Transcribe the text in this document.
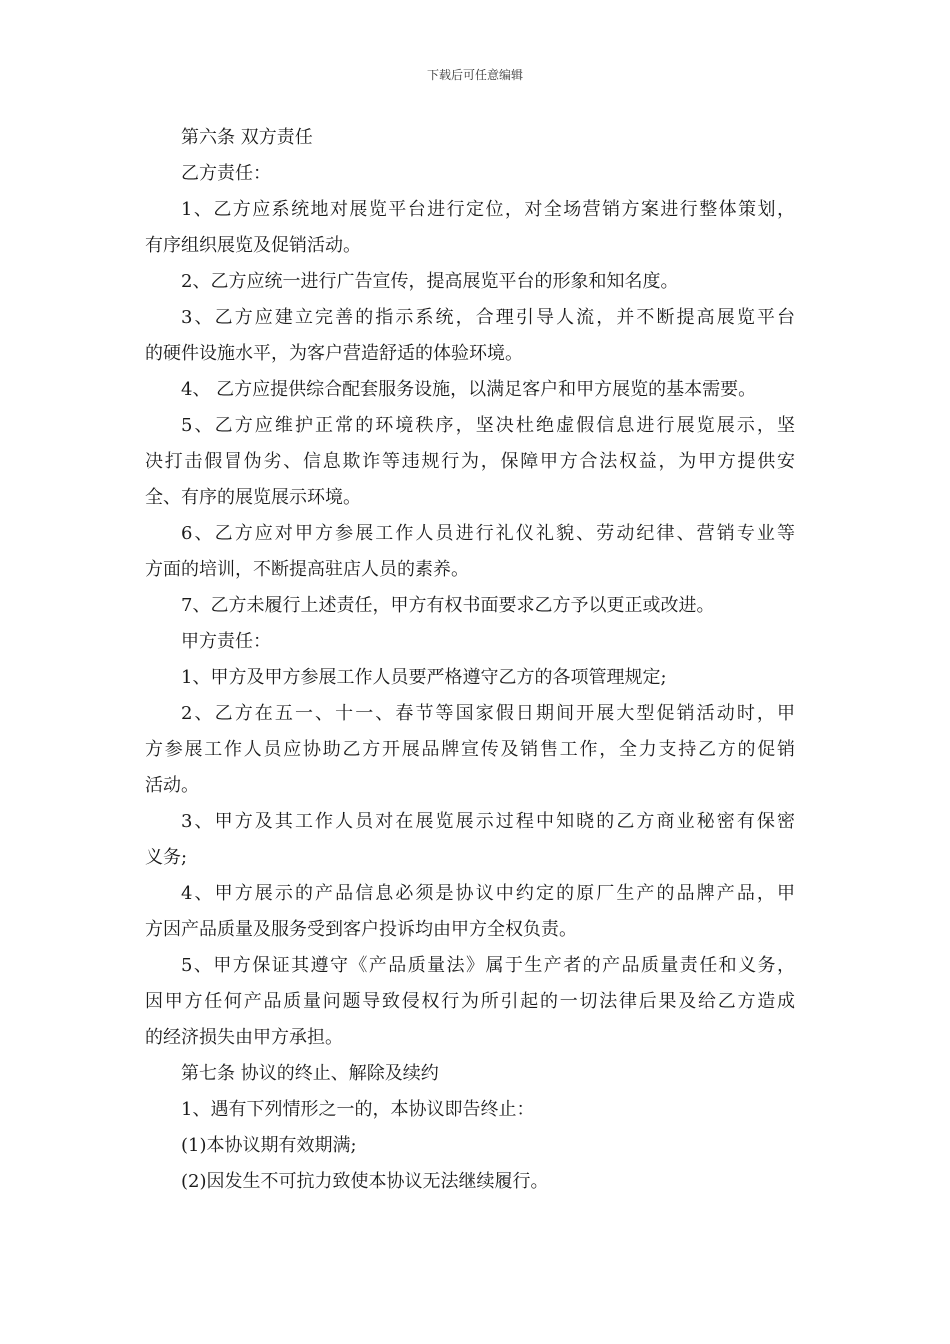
下载后可任意编辑
第六条 双方责任
乙方责任：
1、乙方应系统地对展览平台进行定位，对全场营销方案进行整体策划，
有序组织展览及促销活动。
2、乙方应统一进行广告宣传，提高展览平台的形象和知名度。
3、乙方应建立完善的指示系统，合理引导人流，并不断提高展览平台
的硬件设施水平，为客户营造舒适的体验环境。
4、 乙方应提供综合配套服务设施，以满足客户和甲方展览的基本需要。
5、乙方应维护正常的环境秩序，坚决杜绝虚假信息进行展览展示，坚
决打击假冒伪劣、信息欺诈等违规行为，保障甲方合法权益，为甲方提供安
全、有序的展览展示环境。
6、乙方应对甲方参展工作人员进行礼仪礼貌、劳动纪律、营销专业等
方面的培训，不断提高驻店人员的素养。
7、乙方未履行上述责任，甲方有权书面要求乙方予以更正或改进。
甲方责任：
1、甲方及甲方参展工作人员要严格遵守乙方的各项管理规定;
2、乙方在五一、十一、春节等国家假日期间开展大型促销活动时，甲
方参展工作人员应协助乙方开展品牌宣传及销售工作，全力支持乙方的促销
活动。
3、甲方及其工作人员对在展览展示过程中知晓的乙方商业秘密有保密
义务;
4、甲方展示的产品信息必须是协议中约定的原厂生产的品牌产品，甲
方因产品质量及服务受到客户投诉均由甲方全权负责。
5、甲方保证其遵守《产品质量法》属于生产者的产品质量责任和义务，
因甲方任何产品质量问题导致侵权行为所引起的一切法律后果及给乙方造成
的经济损失由甲方承担。
第七条 协议的终止、解除及续约
1、遇有下列情形之一的，本协议即告终止：
(1)本协议期有效期满;
(2)因发生不可抗力致使本协议无法继续履行。
